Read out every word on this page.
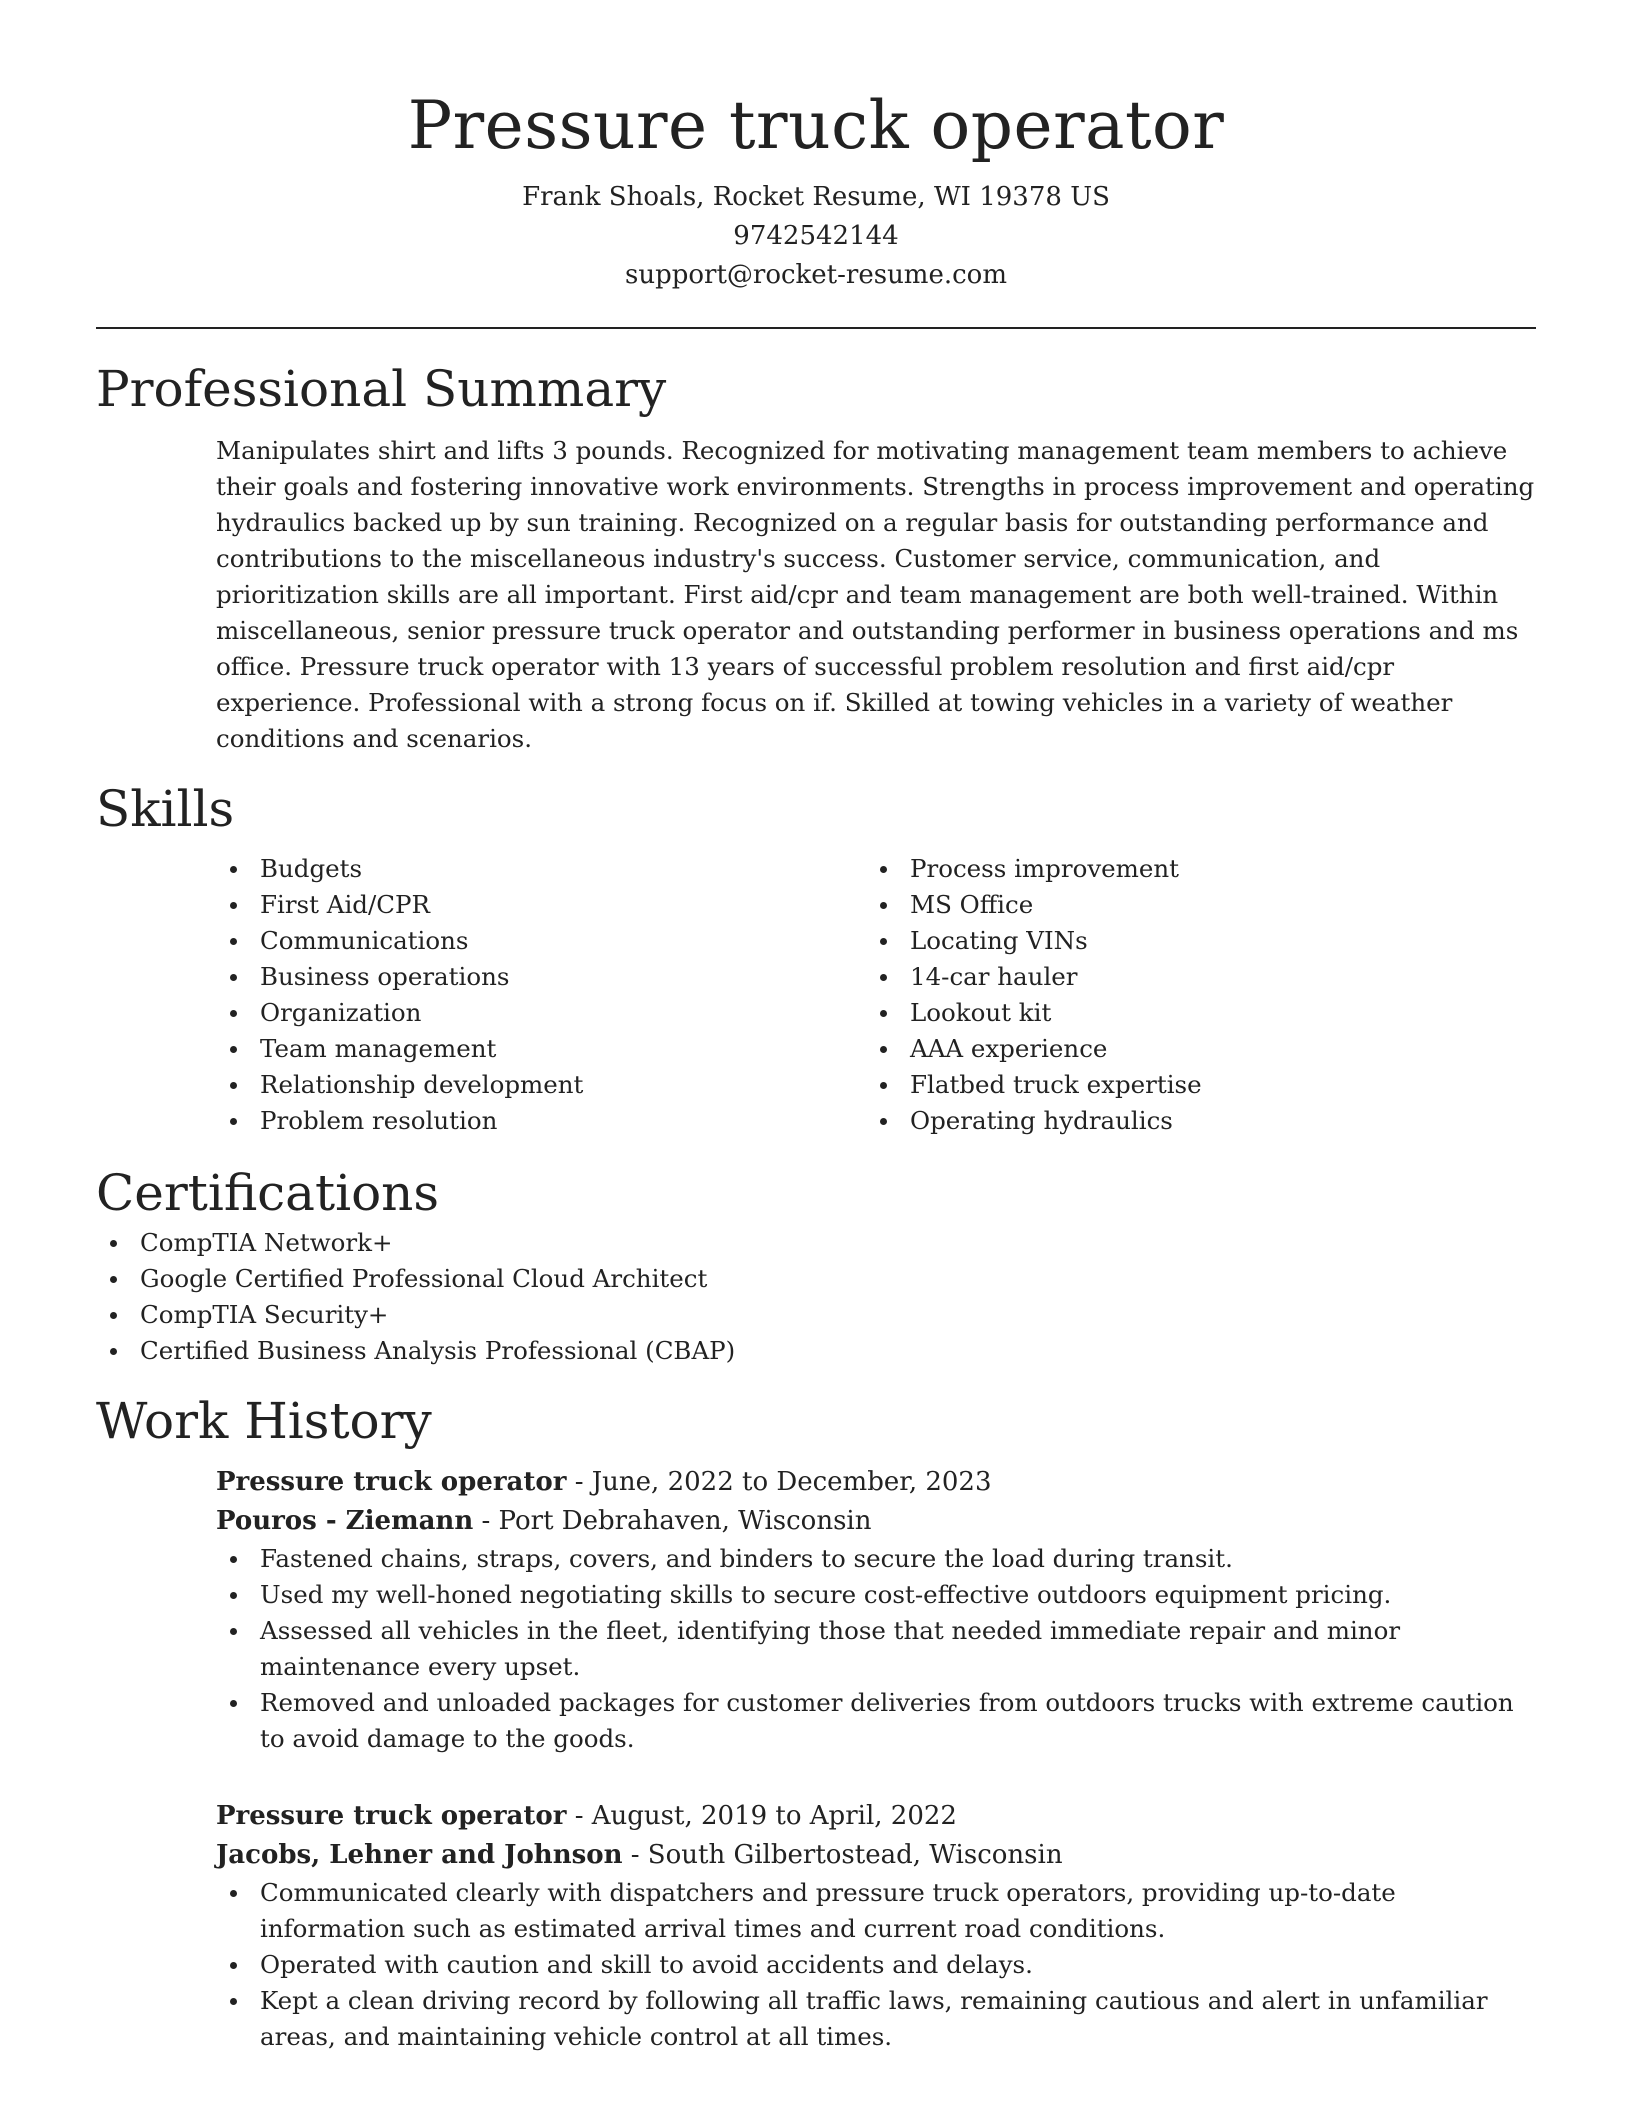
Pressure truck operator
Frank Shoals, Rocket Resume, WI 19378 US
9742542144
support@rocket-resume.com
Professional Summary

Manipulates shirt and lifts 3 pounds. Recognized for motivating management team members to achieve their goals and fostering innovative work environments. Strengths in process improvement and operating hydraulics backed up by sun training. Recognized on a regular basis for outstanding performance and contributions to the miscellaneous industry's success. Customer service, communication, and prioritization skills are all important. First aid/cpr and team management are both well-trained. Within miscellaneous, senior pressure truck operator and outstanding performer in business operations and ms office. Pressure truck operator with 13 years of successful problem resolution and first aid/cpr experience. Professional with a strong focus on if. Skilled at towing vehicles in a variety of weather conditions and scenarios.

Skills
Budgets
First Aid/CPR
Communications
Business operations
Organization
Team management
Relationship development
Problem resolution
Process improvement
MS Office
Locating VINs
14-car hauler
Lookout kit
AAA experience
Flatbed truck expertise
Operating hydraulics
Certifications
CompTIA Network+
Google Certified Professional Cloud Architect
CompTIA Security+
Certified Business Analysis Professional (CBAP)
Work History
Pressure truck operator - June, 2022 to December, 2023
Pouros - Ziemann - Port Debrahaven, Wisconsin
Fastened chains, straps, covers, and binders to secure the load during transit.
Used my well-honed negotiating skills to secure cost-effective outdoors equipment pricing.
Assessed all vehicles in the fleet, identifying those that needed immediate repair and minor maintenance every upset.
Removed and unloaded packages for customer deliveries from outdoors trucks with extreme caution to avoid damage to the goods.
Pressure truck operator - August, 2019 to April, 2022
Jacobs, Lehner and Johnson - South Gilbertostead, Wisconsin
Communicated clearly with dispatchers and pressure truck operators, providing up-to-date information such as estimated arrival times and current road conditions.
Operated with caution and skill to avoid accidents and delays.
Kept a clean driving record by following all traffic laws, remaining cautious and alert in unfamiliar areas, and maintaining vehicle control at all times.
